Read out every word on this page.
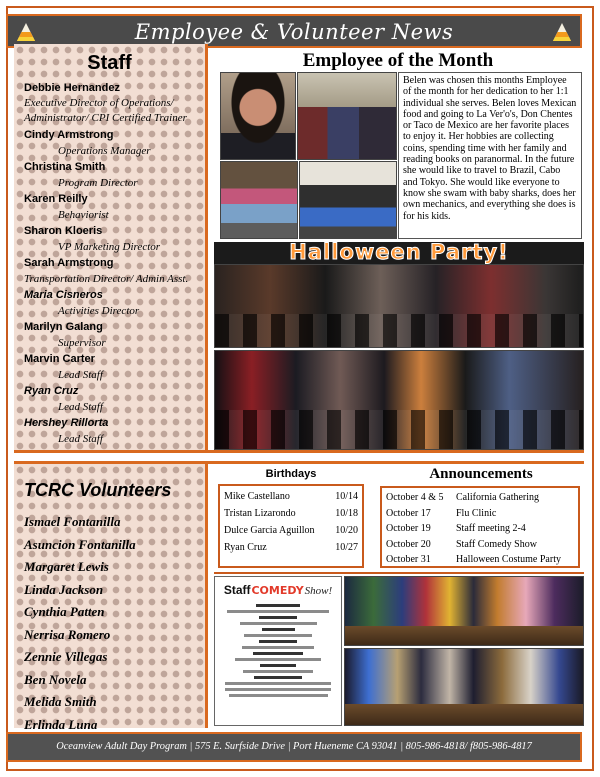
Employee & Volunteer News
Staff
Debbie Hernandez
Executive Director of Operations/ Administrator/ CPI Certified Trainer
Cindy Armstrong
Operations Manager
Christina Smith
Program Director
Karen Reilly
Behaviorist
Sharon Kloeris
VP Marketing Director
Sarah Armstrong
Transportation Director/ Admin Asst.
Maria Cisneros
Activities Director
Marilyn Galang
Supervisor
Marvin Carter
Lead Staff
Ryan Cruz
Lead Staff
Hershey Rillorta
Lead Staff
TCRC Volunteers
Ismael Fontanilla
Asuncion Fontanilla
Margaret Lewis
Linda Jackson
Cynthia Patten
Nerrisa Romero
Zennie Villegas
Ben Novela
Melida Smith
Erlinda Luna
Employee of the Month
Belen was chosen this months Employee of the month for her dedication to her 1:1 individual she serves. Belen loves Mexican food and going to La Ver'o's, Don Chentes or Taco de Mexico are her favorite places to enjoy it. Her hobbies are collecting coins, spending time with her family and reading books on paranormal. In the future she would like to travel to Brazil, Cabo and Tokyo. She would like everyone to know she swam with baby sharks, does her own mechanics, and everything she does is for his kids.
Halloween Party!
Birthdays
Mike Castellano	10/14
Tristan Lizarondo	10/18
Dulce Garcia Aguillon	10/20
Ryan Cruz	10/27
Announcements
October 4 & 5	California Gathering
October 17	Flu Clinic
October 19	Staff meeting 2-4
October 20	Staff Comedy Show
October 31	Halloween Costume Party
Staff COMEDY Show!
Oceanview Adult Day Program | 575 E. Surfside Drive | Port Hueneme CA 93041 | 805-986-4818/ f805-986-4817
